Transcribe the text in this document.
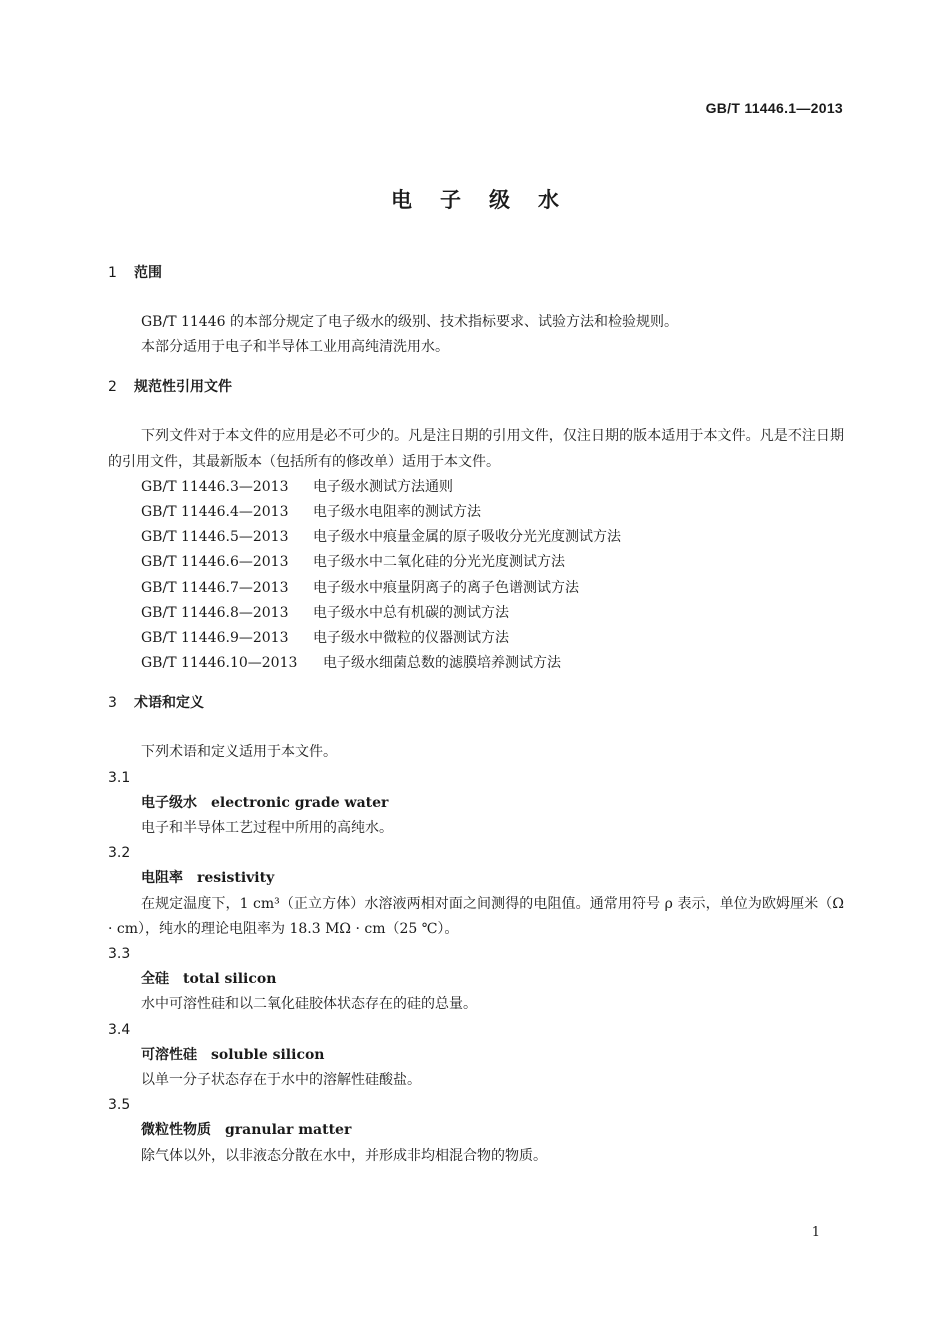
GB/T 11446.1—2013
电子级水
1 范围

GB/T 11446 的本部分规定了电子级水的级别、技术指标要求、试验方法和检验规则。

本部分适用于电子和半导体工业用高纯清洗用水。

2 规范性引用文件

下列文件对于本文件的应用是必不可少的。凡是注日期的引用文件，仅注日期的版本适用于本文件。凡是不注日期的引用文件，其最新版本（包括所有的修改单）适用于本文件。

GB/T 11446.3—2013 电子级水测试方法通则
GB/T 11446.4—2013 电子级水电阻率的测试方法
GB/T 11446.5—2013 电子级水中痕量金属的原子吸收分光光度测试方法
GB/T 11446.6—2013 电子级水中二氧化硅的分光光度测试方法
GB/T 11446.7—2013 电子级水中痕量阴离子的离子色谱测试方法
GB/T 11446.8—2013 电子级水中总有机碳的测试方法
GB/T 11446.9—2013 电子级水中微粒的仪器测试方法
GB/T 11446.10—2013 电子级水细菌总数的滤膜培养测试方法
3 术语和定义

下列术语和定义适用于本文件。

3.1
电子级水 electronic grade water

电子和半导体工艺过程中所用的高纯水。

3.2
电阻率 resistivity

在规定温度下，1 cm³（正立方体）水溶液两相对面之间测得的电阻值。通常用符号 ρ 表示，单位为欧姆厘米（Ω · cm），纯水的理论电阻率为 18.3 MΩ · cm（25 ℃）。

3.3
全硅 total silicon

水中可溶性硅和以二氧化硅胶体状态存在的硅的总量。

3.4
可溶性硅 soluble silicon

以单一分子状态存在于水中的溶解性硅酸盐。

3.5
微粒性物质 granular matter

除气体以外，以非液态分散在水中，并形成非均相混合物的物质。

1
